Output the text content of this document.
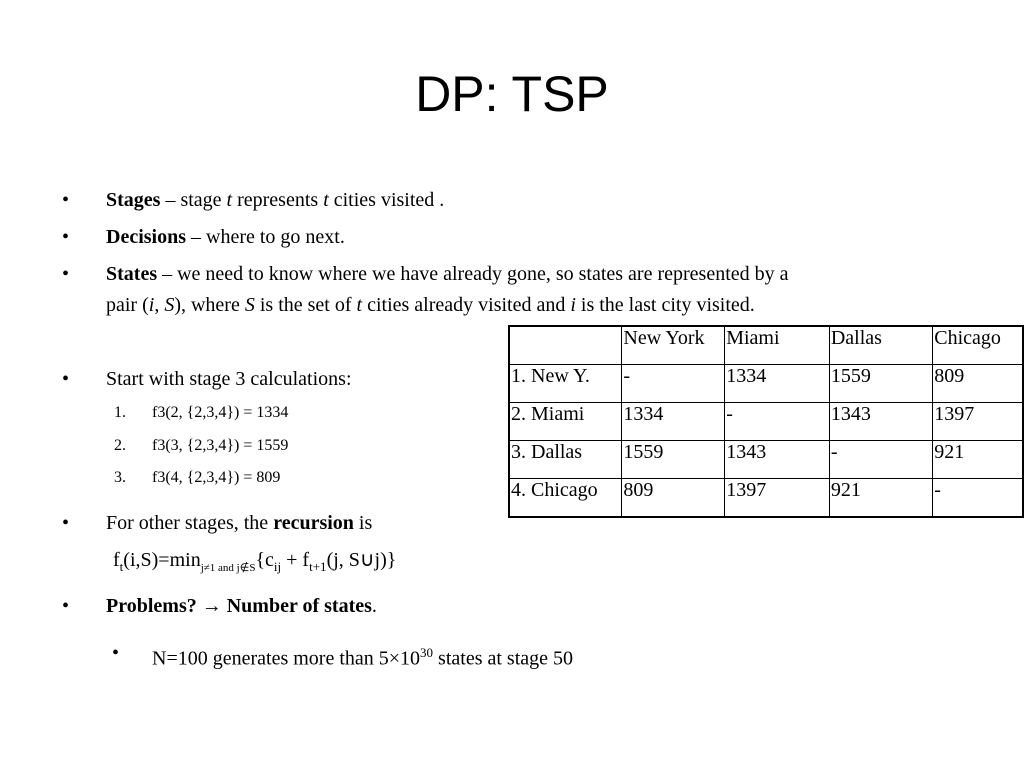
DP: TSP
•	Stages – stage t represents t cities visited .
•	Decisions – where to go next.
•	States – we need to know where we have already gone, so states are represented by a
pair (i, S), where S is the set of t cities already visited and i is the last city visited.
•	Start with stage 3 calculations:
1. f3(2, {2,3,4}) = 1334
2. f3(3, {2,3,4}) = 1559
3. f3(4, {2,3,4}) = 809
•	For other stages, the recursion is
$f_t(i,S)=\min_{j\ne 1 and j\notin S}\{c_{ij} + f_{t+1}(j$, S∪j)}
•	Problems? → Number of states.
•	N=100 generates more than $5\times 10^{30}$ states at stage 50
	New York	Miami	Dallas	Chicago
1. New Y.	-	1334	1559	809
2. Miami	1334	-	1343	1397
3. Dallas	1559	1343	-	921
4. Chicago	809	1397	921	-
